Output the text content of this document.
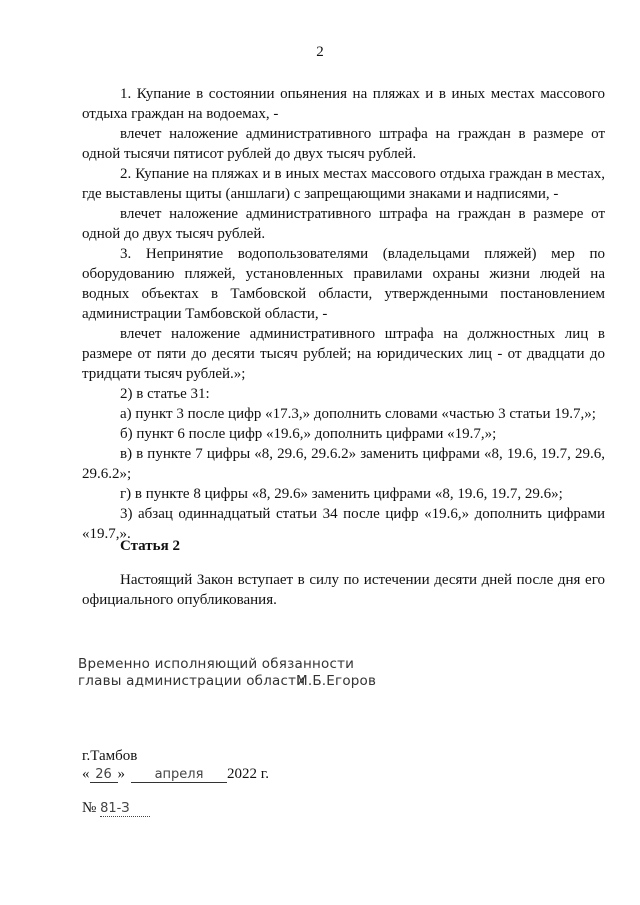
2

1. Купание в состоянии опьянения на пляжах и в иных местах массового отдыха граждан на водоемах, -

влечет наложение административного штрафа на граждан в размере от одной тысячи пятисот рублей до двух тысяч рублей.

2. Купание на пляжах и в иных местах массового отдыха граждан в местах, где выставлены щиты (аншлаги) с запрещающими знаками и надписями, -

влечет наложение административного штрафа на граждан в размере от одной до двух тысяч рублей.

3. Непринятие водопользователями (владельцами пляжей) мер по оборудованию пляжей, установленных правилами охраны жизни людей на водных объектах в Тамбовской области, утвержденными постановлением администрации Тамбовской области, -

влечет наложение административного штрафа на должностных лиц в размере от пяти до десяти тысяч рублей; на юридических лиц - от двадцати до тридцати тысяч рублей.»;

2) в статье 31:

а) пункт 3 после цифр «17.3,» дополнить словами «частью 3 статьи 19.7,»;

б) пункт 6 после цифр «19.6,» дополнить цифрами «19.7,»;

в) в пункте 7 цифры «8, 29.6, 29.6.2» заменить цифрами «8, 19.6, 19.7, 29.6, 29.6.2»;

г) в пункте 8 цифры «8, 29.6» заменить цифрами «8, 19.6, 19.7, 29.6»;

3) абзац одиннадцатый статьи 34 после цифр «19.6,» дополнить цифрами «19.7,».

Статья 2
Настоящий Закон вступает в силу по истечении десяти дней после дня его официального опубликования.
Временно исполняющий обязанности
главы администрации области
М.Б.Егоров
г.Тамбов
« 26 » апреля 2022 г.
№ 81-З
